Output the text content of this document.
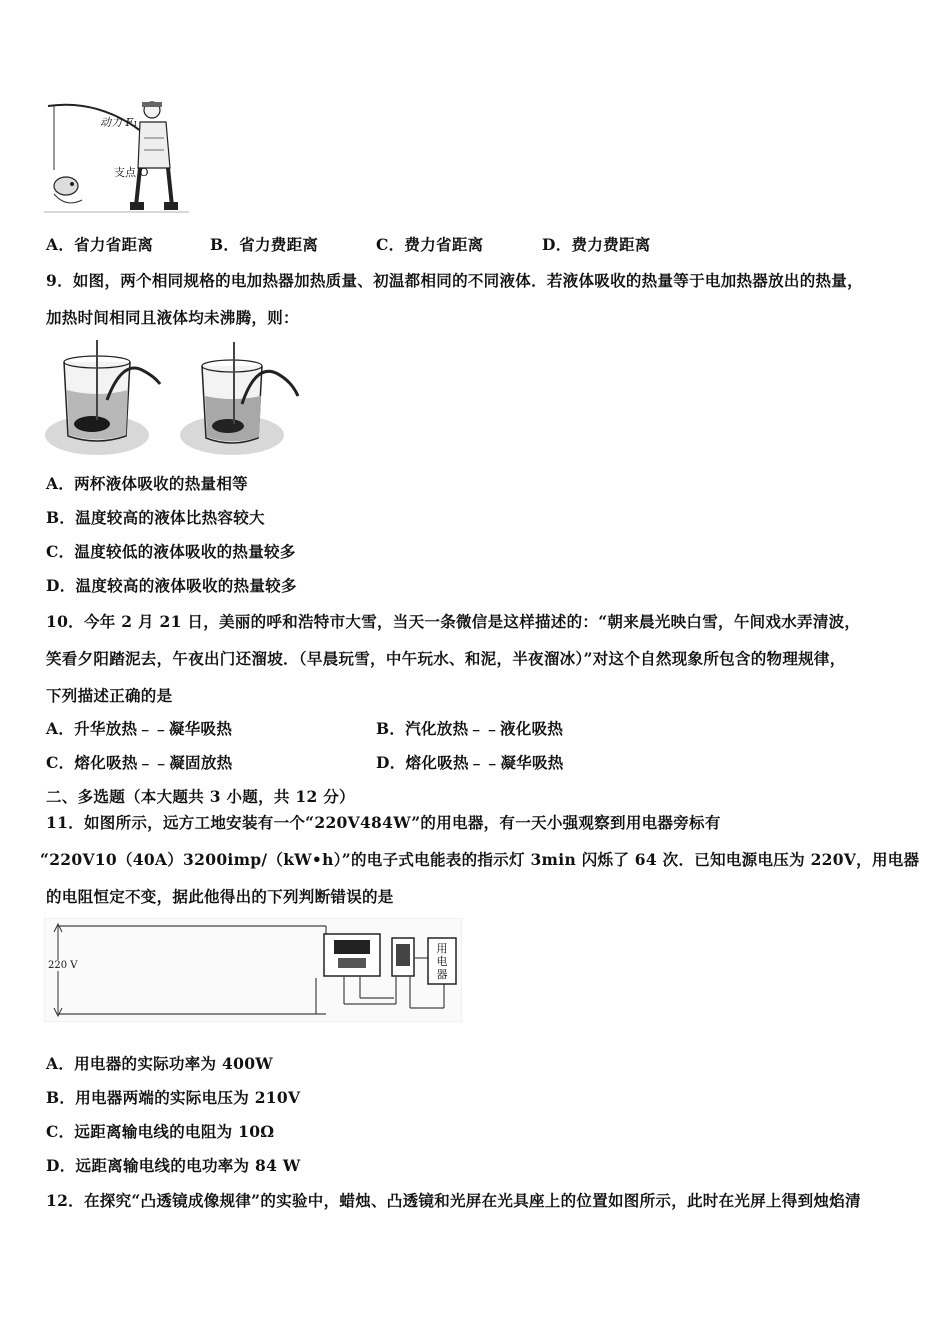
动力 F₁
支点 O
A．省力省距离	B．省力费距离	C．费力省距离	D．费力费距离
9．如图，两个相同规格的电加热器加热质量、初温都相同的不同液体．若液体吸收的热量等于电加热器放出的热量，
加热时间相同且液体均未沸腾，则：
A．两杯液体吸收的热量相等
B．温度较高的液体比热容较大
C．温度较低的液体吸收的热量较多
D．温度较高的液体吸收的热量较多
10．今年 2 月 21 日，美丽的呼和浩特市大雪，当天一条微信是这样描述的：“朝来晨光映白雪，午间戏水弄清波，
笑看夕阳踏泥去，午夜出门还溜坡．（早晨玩雪，中午玩水、和泥，半夜溜冰）”对这个自然现象所包含的物理规律，
下列描述正确的是
A．升华放热﹣﹣凝华吸热	B．汽化放热﹣﹣液化吸热
C．熔化吸热﹣﹣凝固放热	D．熔化吸热﹣﹣凝华吸热
二、多选题（本大题共 3 小题，共 12 分）
11．如图所示，远方工地安装有一个“220V484W”的用电器，有一天小强观察到用电器旁标有
“220V10（40A）3200imp/（kW•h）”的电子式电能表的指示灯 3min 闪烁了 64 次．已知电源电压为 220V，用电器
的电阻恒定不变，据此他得出的下列判断错误的是
220 V
用电器
A．用电器的实际功率为 400W
B．用电器两端的实际电压为 210V
C．远距离输电线的电阻为 10Ω
D．远距离输电线的电功率为 84 W
12．在探究“凸透镜成像规律”的实验中，蜡烛、凸透镜和光屏在光具座上的位置如图所示，此时在光屏上得到烛焰清
